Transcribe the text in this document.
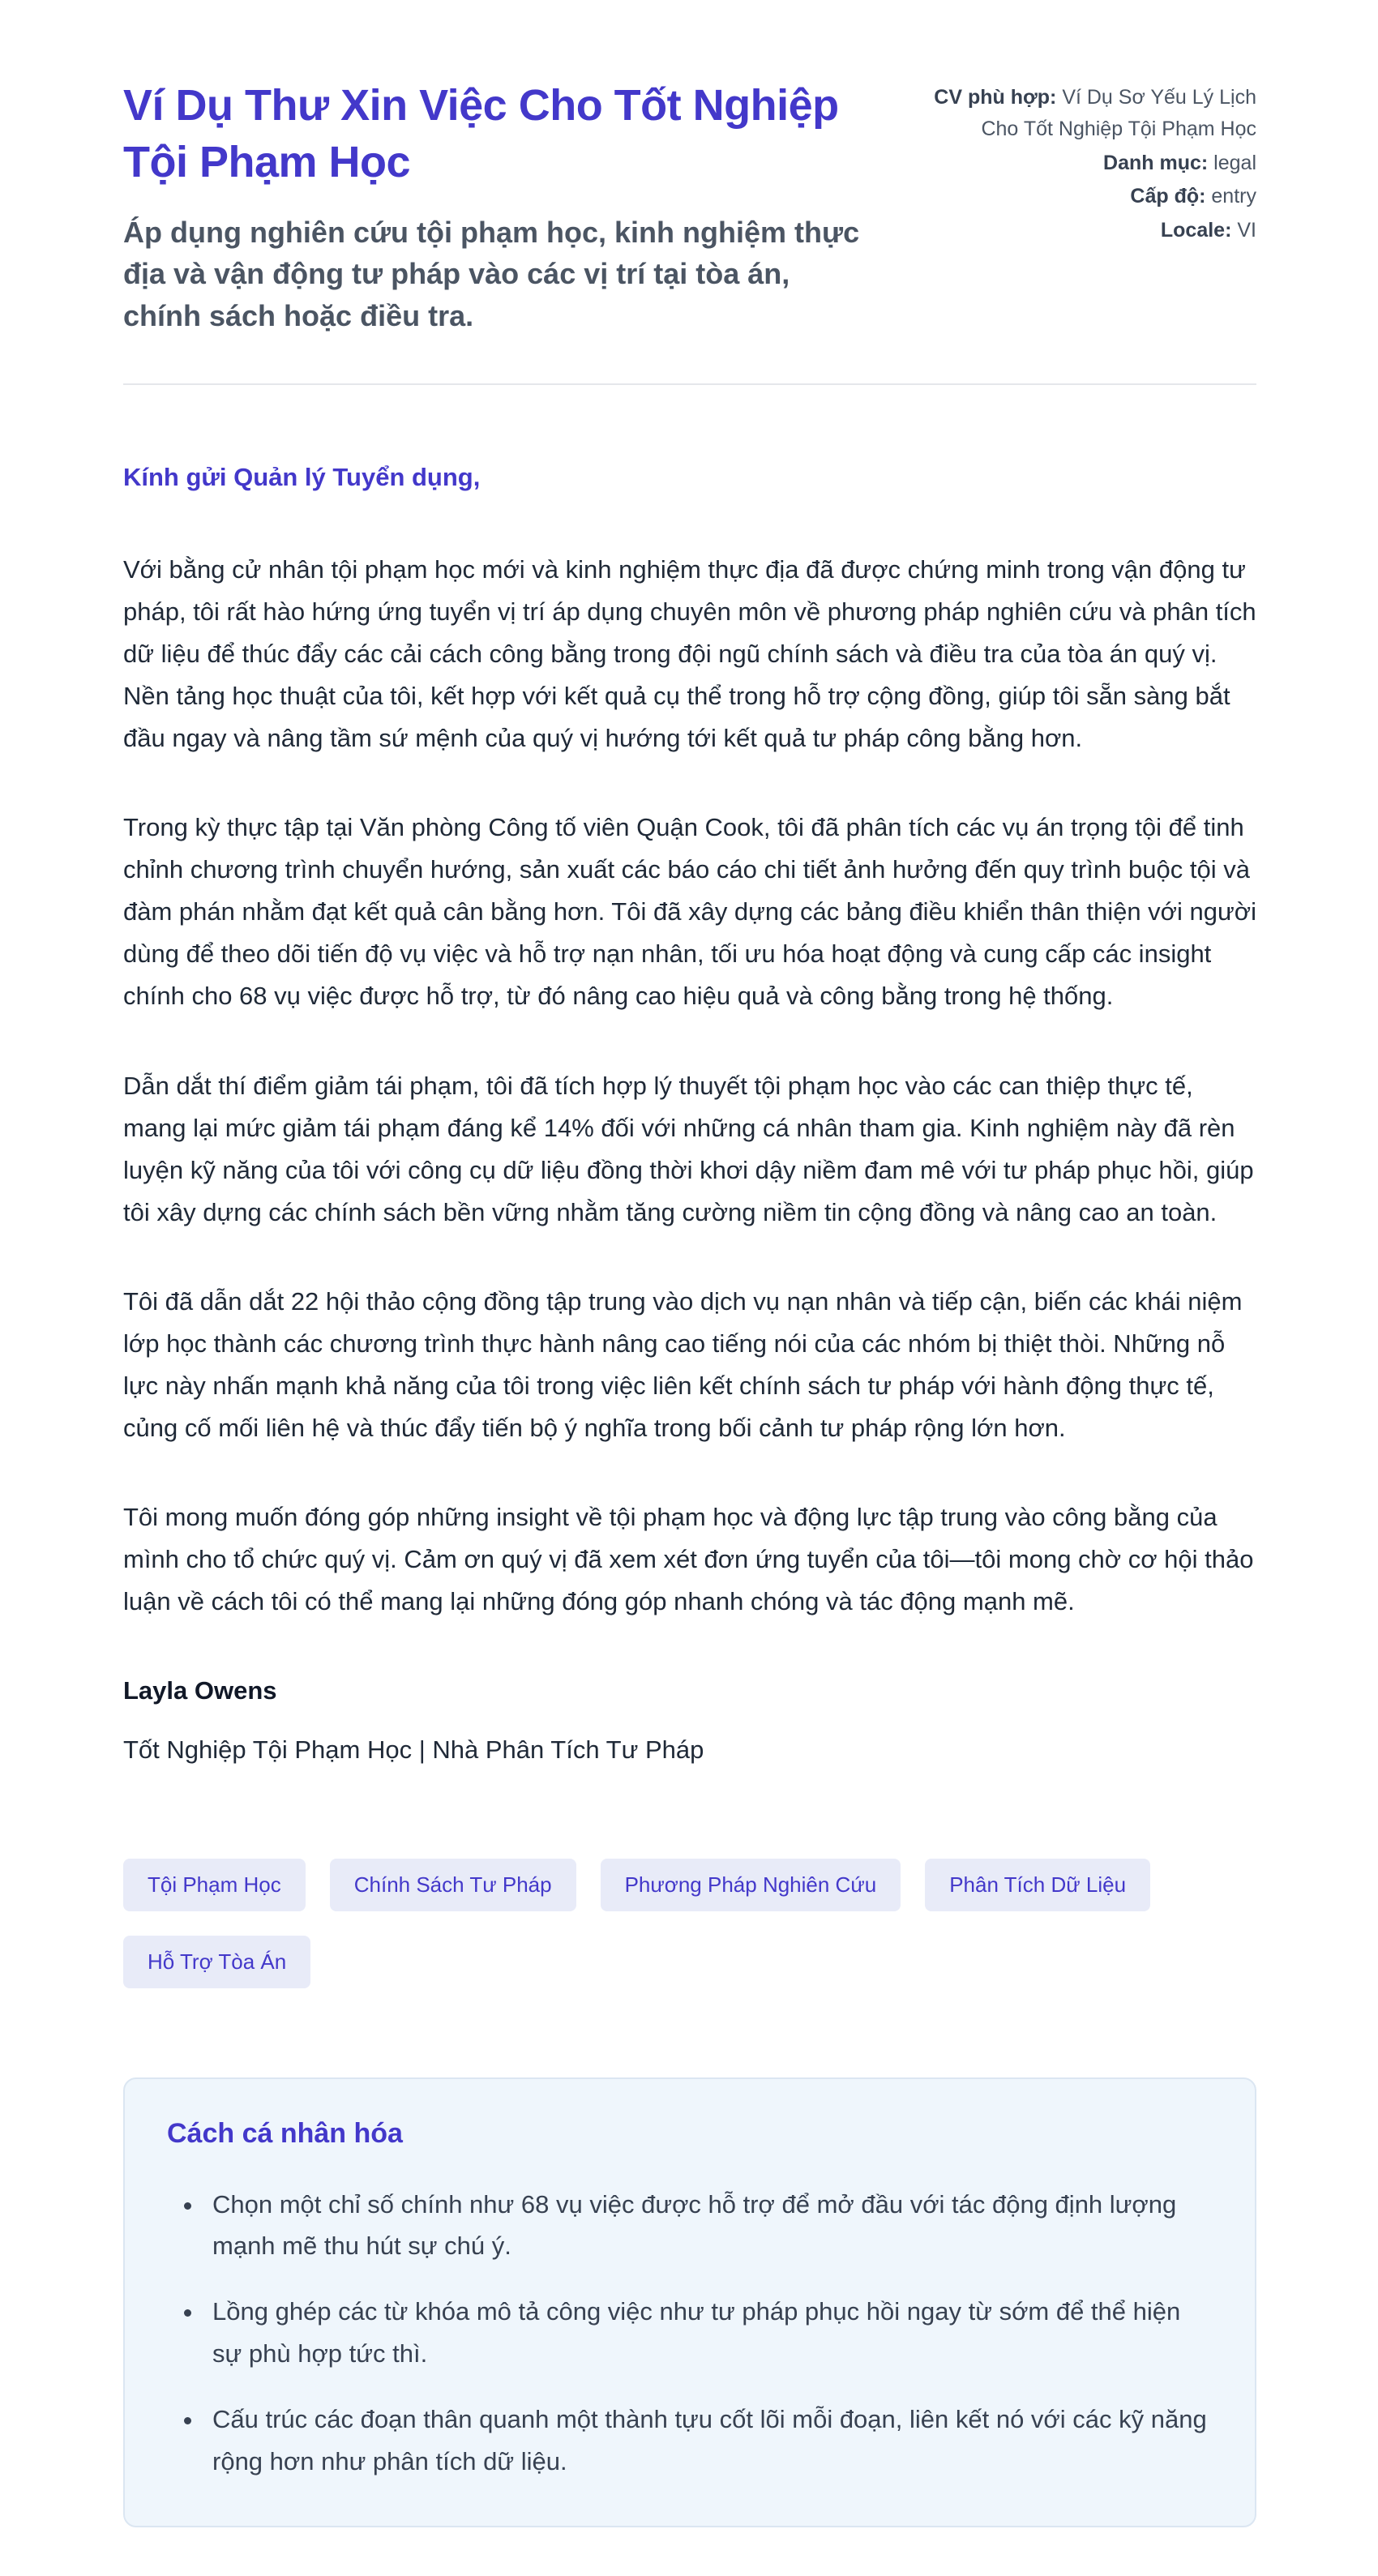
Ví Dụ Thư Xin Việc Cho Tốt Nghiệp Tội Phạm Học

Áp dụng nghiên cứu tội phạm học, kinh nghiệm thực địa và vận động tư pháp vào các vị trí tại tòa án, chính sách hoặc điều tra.

CV phù hợp: Ví Dụ Sơ Yếu Lý Lịch Cho Tốt Nghiệp Tội Phạm Học
Danh mục: legal
Cấp độ: entry
Locale: VI

Kính gửi Quản lý Tuyển dụng,

Với bằng cử nhân tội phạm học mới và kinh nghiệm thực địa đã được chứng minh trong vận động tư pháp, tôi rất hào hứng ứng tuyển vị trí áp dụng chuyên môn về phương pháp nghiên cứu và phân tích dữ liệu để thúc đẩy các cải cách công bằng trong đội ngũ chính sách và điều tra của tòa án quý vị. Nền tảng học thuật của tôi, kết hợp với kết quả cụ thể trong hỗ trợ cộng đồng, giúp tôi sẵn sàng bắt đầu ngay và nâng tầm sứ mệnh của quý vị hướng tới kết quả tư pháp công bằng hơn.

Trong kỳ thực tập tại Văn phòng Công tố viên Quận Cook, tôi đã phân tích các vụ án trọng tội để tinh chỉnh chương trình chuyển hướng, sản xuất các báo cáo chi tiết ảnh hưởng đến quy trình buộc tội và đàm phán nhằm đạt kết quả cân bằng hơn. Tôi đã xây dựng các bảng điều khiển thân thiện với người dùng để theo dõi tiến độ vụ việc và hỗ trợ nạn nhân, tối ưu hóa hoạt động và cung cấp các insight chính cho 68 vụ việc được hỗ trợ, từ đó nâng cao hiệu quả và công bằng trong hệ thống.

Dẫn dắt thí điểm giảm tái phạm, tôi đã tích hợp lý thuyết tội phạm học vào các can thiệp thực tế, mang lại mức giảm tái phạm đáng kể 14% đối với những cá nhân tham gia. Kinh nghiệm này đã rèn luyện kỹ năng của tôi với công cụ dữ liệu đồng thời khơi dậy niềm đam mê với tư pháp phục hồi, giúp tôi xây dựng các chính sách bền vững nhằm tăng cường niềm tin cộng đồng và nâng cao an toàn.

Tôi đã dẫn dắt 22 hội thảo cộng đồng tập trung vào dịch vụ nạn nhân và tiếp cận, biến các khái niệm lớp học thành các chương trình thực hành nâng cao tiếng nói của các nhóm bị thiệt thòi. Những nỗ lực này nhấn mạnh khả năng của tôi trong việc liên kết chính sách tư pháp với hành động thực tế, củng cố mối liên hệ và thúc đẩy tiến bộ ý nghĩa trong bối cảnh tư pháp rộng lớn hơn.

Tôi mong muốn đóng góp những insight về tội phạm học và động lực tập trung vào công bằng của mình cho tổ chức quý vị. Cảm ơn quý vị đã xem xét đơn ứng tuyển của tôi—tôi mong chờ cơ hội thảo luận về cách tôi có thể mang lại những đóng góp nhanh chóng và tác động mạnh mẽ.

Layla Owens

Tốt Nghiệp Tội Phạm Học | Nhà Phân Tích Tư Pháp

Tội Phạm Học	Chính Sách Tư Pháp	Phương Pháp Nghiên Cứu	Phân Tích Dữ Liệu
Hỗ Trợ Tòa Án
Cách cá nhân hóa
• Chọn một chỉ số chính như 68 vụ việc được hỗ trợ để mở đầu với tác động định lượng mạnh mẽ thu hút sự chú ý.
• Lồng ghép các từ khóa mô tả công việc như tư pháp phục hồi ngay từ sớm để thể hiện sự phù hợp tức thì.
• Cấu trúc các đoạn thân quanh một thành tựu cốt lõi mỗi đoạn, liên kết nó với các kỹ năng rộng hơn như phân tích dữ liệu.
